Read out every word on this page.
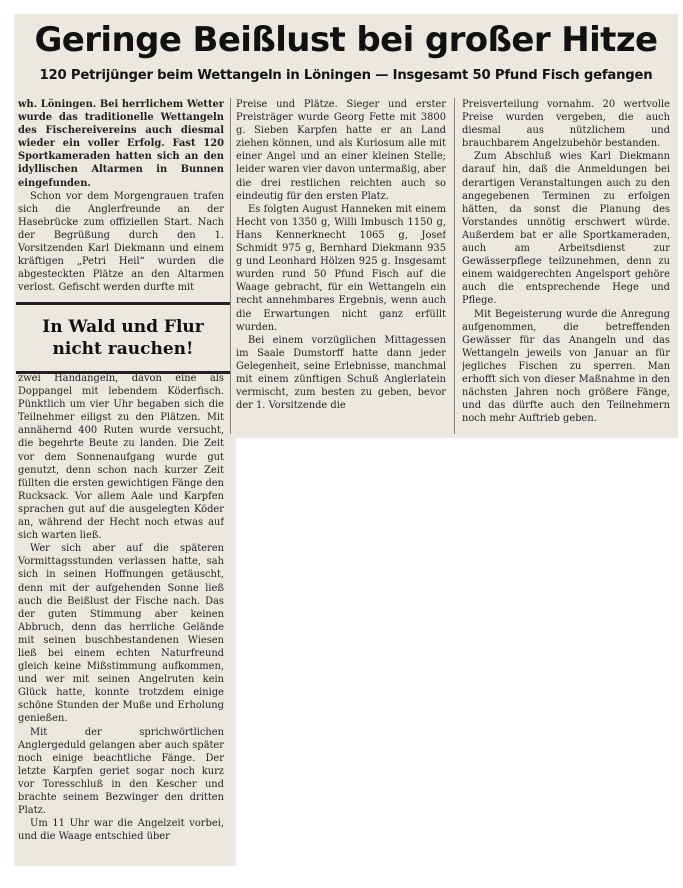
Geringe Beißlust bei großer Hitze
120 Petrijünger beim Wettangeln in Löningen — Insgesamt 50 Pfund Fisch gefangen

wh. Löningen. Bei herrlichem Wetter wurde das traditionelle Wettangeln des Fischereivereins auch diesmal wieder ein voller Erfolg. Fast 120 Sportkameraden hatten sich an den idyllischen Altarmen in Bunnen eingefunden.

Schon vor dem Morgengrauen trafen sich die Anglerfreunde an der Hasebrücke zum offiziellen Start. Nach der Begrüßung durch den 1. Vorsitzenden Karl Diekmann und einem kräftigen „Petri Heil“ wurden die abgesteckten Plätze an den Altarmen verlost. Gefischt werden durfte mit

In Wald und Flur
nicht rauchen!

zwei Handangeln, davon eine als Doppangel mit lebendem Köderfisch. Pünktlich um vier Uhr begaben sich die Teilnehmer eiligst zu den Plätzen. Mit annähernd 400 Ruten wurde versucht, die begehrte Beute zu landen. Die Zeit vor dem Sonnenaufgang wurde gut genutzt, denn schon nach kurzer Zeit füllten die ersten gewichtigen Fänge den Rucksack. Vor allem Aale und Karpfen sprachen gut auf die ausgelegten Köder an, während der Hecht noch etwas auf sich warten ließ.

Wer sich aber auf die späteren Vormittagsstunden verlassen hatte, sah sich in seinen Hoffnungen getäuscht, denn mit der aufgehenden Sonne ließ auch die Beißlust der Fische nach. Das der guten Stimmung aber keinen Abbruch, denn das herrliche Gelände mit seinen buschbestandenen Wiesen ließ bei einem echten Naturfreund gleich keine Mißstimmung aufkommen, und wer mit seinen Angelruten kein Glück hatte, konnte trotzdem einige schöne Stunden der Muße und Erholung genießen.

Mit der sprichwörtlichen Anglergeduld gelangen aber auch später noch einige beachtliche Fänge. Der letzte Karpfen geriet sogar noch kurz vor Toresschluß in den Kescher und brachte seinem Bezwinger den dritten Platz.

Um 11 Uhr war die Angelzeit vorbei, und die Waage entschied über

Preise und Plätze. Sieger und erster Preisträger wurde Georg Fette mit 3800 g. Sieben Karpfen hatte er an Land ziehen können, und als Kuriosum alle mit einer Angel und an einer kleinen Stelle; leider waren vier davon untermaßig, aber die drei restlichen reichten auch so eindeutig für den ersten Platz.

Es folgten August Hanneken mit einem Hecht von 1350 g, Willi Imbusch 1150 g, Hans Kennerknecht 1065 g, Josef Schmidt 975 g, Bernhard Diekmann 935 g und Leonhard Hölzen 925 g. Insgesamt wurden rund 50 Pfund Fisch auf die Waage gebracht, für ein Wettangeln ein recht annehmbares Ergebnis, wenn auch die Erwartungen nicht ganz erfüllt wurden.

Bei einem vorzüglichen Mittagessen im Saale Dumstorff hatte dann jeder Gelegenheit, seine Erlebnisse, manchmal mit einem zünftigen Schuß Anglerlatein vermischt, zum besten zu geben, bevor der 1. Vorsitzende die

Preisverteilung vornahm. 20 wertvolle Preise wurden vergeben, die auch diesmal aus nützlichem und brauchbarem Angelzubehör bestanden.

Zum Abschluß wies Karl Diekmann darauf hin, daß die Anmeldungen bei derartigen Veranstaltungen auch zu den angegebenen Terminen zu erfolgen hätten, da sonst die Planung des Vorstandes unnötig erschwert würde. Außerdem bat er alle Sportkameraden, auch am Arbeitsdienst zur Gewässerpflege teilzunehmen, denn zu einem waidgerechten Angelsport gehöre auch die entsprechende Hege und Pflege.

Mit Begeisterung wurde die Anregung aufgenommen, die betreffenden Gewässer für das Anangeln und das Wettangeln jeweils von Januar an für jegliches Fischen zu sperren. Man erhofft sich von dieser Maßnahme in den nächsten Jahren noch größere Fänge, und das dürfte auch den Teilnehmern noch mehr Auftrieb geben.
